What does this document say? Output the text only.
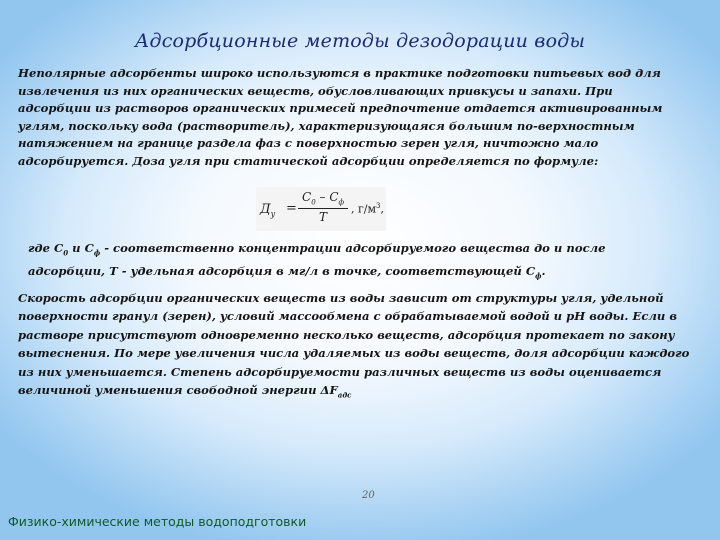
Адсорбционные методы дезодорации воды

Неполярные адсорбенты широко используются в практике подготовки питьевых вод для извлечения из них органических веществ, обусловливающих привкусы и запахи. При адсорбции из растворов органических примесей предпочтение отдается активированным углям, поскольку вода (растворитель), характеризующаяся большим по-верхностным натяжением на границе раздела фаз с поверхностью зерен угля, ничтожно мало адсорбируется. Доза угля при статической адсорбции определяется по формуле:

$Д_у$ =
$С_0 - С_ф$
T
, $г/м^3$,

где $С_0$ и $С_ф$ - соответственно концентрации адсорбируемого вещества до и после адсорбции, Т - удельная адсорбция в мг/л в точке, соответствующей $С_ф$.

Скорость адсорбции органических веществ из воды зависит от структуры угля, удельной поверхности гранул (зерен), условий массообмена с обрабатываемой водой и pH воды. Если в растворе присутствуют одновременно несколько веществ, адсорбция протекает по закону вытеснения. По мере увеличения числа удаляемых из воды веществ, доля адсорбции каждого из них уменьшается. Степень адсорбируемости различных веществ из воды оценивается величиной уменьшения свободной энергии $\Delta F_{адс}$

20
Физико-химические методы водоподготовки
